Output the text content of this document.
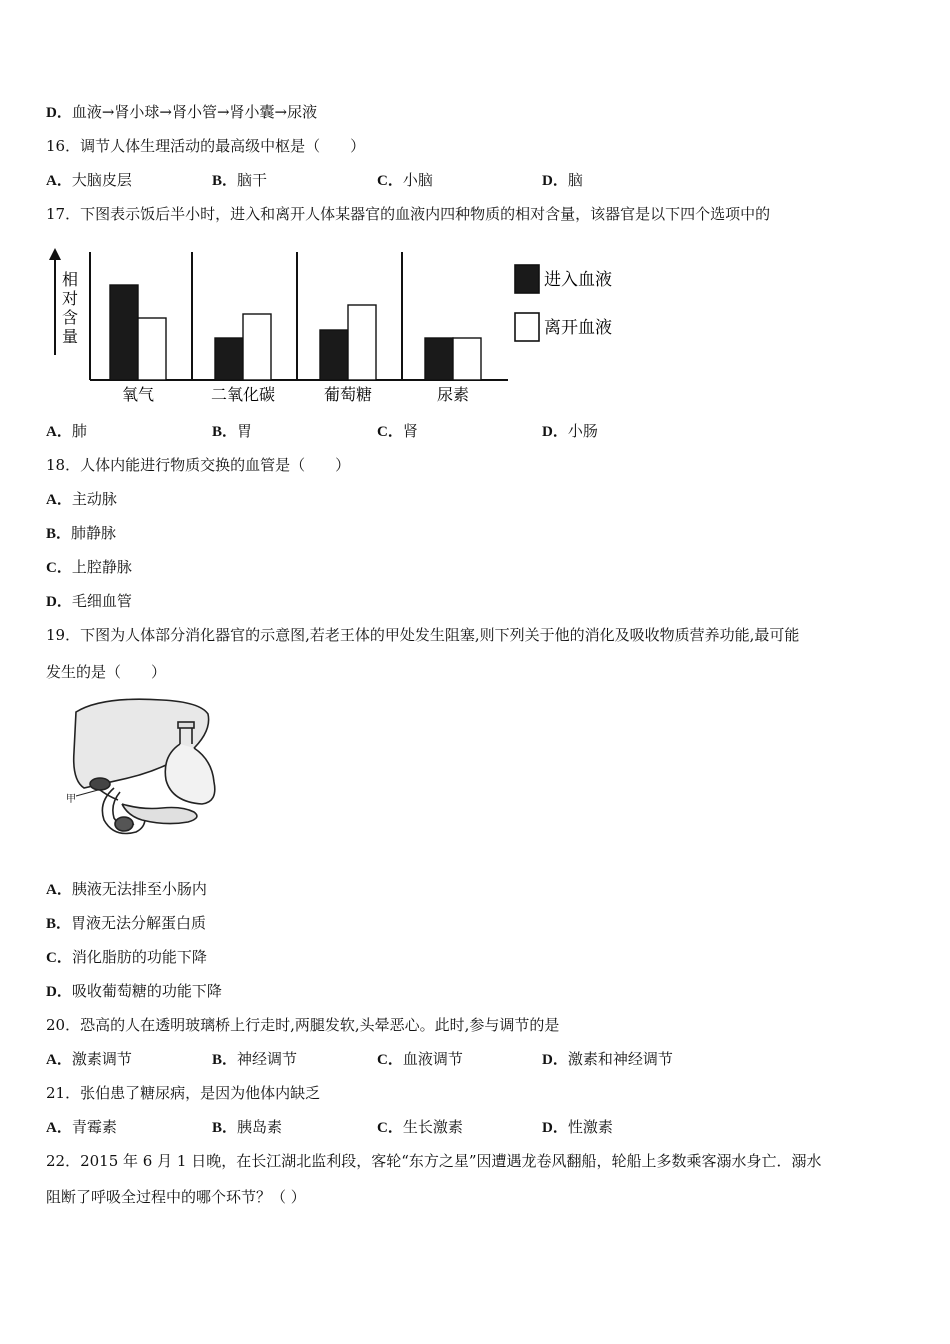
D．血液→肾小球→肾小管→肾小囊→尿液
16．调节人体生理活动的最高级中枢是（　　）
A．大脑皮层	B．脑干	C．小脑	D．脑
17．下图表示饭后半小时，进入和离开人体某器官的血液内四种物质的相对含量，该器官是以下四个选项中的
相
对
含
量
氧气	二氧化碳	葡萄糖	尿素
进入血液
离开血液
A．肺	B．胃	C．肾	D．小肠
18．人体内能进行物质交换的血管是（　　）
A．主动脉
B．肺静脉
C．上腔静脉
D．毛细血管
19．下图为人体部分消化器官的示意图,若老王体的甲处发生阻塞,则下列关于他的消化及吸收物质营养功能,最可能
发生的是（　　）
甲
A．胰液无法排至小肠内
B．胃液无法分解蛋白质
C．消化脂肪的功能下降
D．吸收葡萄糖的功能下降
20．恐高的人在透明玻璃桥上行走时,两腿发软,头晕恶心。此时,参与调节的是
A．激素调节	B．神经调节	C．血液调节	D．激素和神经调节
21．张伯患了糖尿病，是因为他体内缺乏
A．青霉素	B．胰岛素	C．生长激素	D．性激素
22．2015 年 6 月 1 日晚，在长江湖北监利段，客轮“东方之星”因遭遇龙卷风翻船，轮船上多数乘客溺水身亡．溺水
阻断了呼吸全过程中的哪个环节？（ ）
